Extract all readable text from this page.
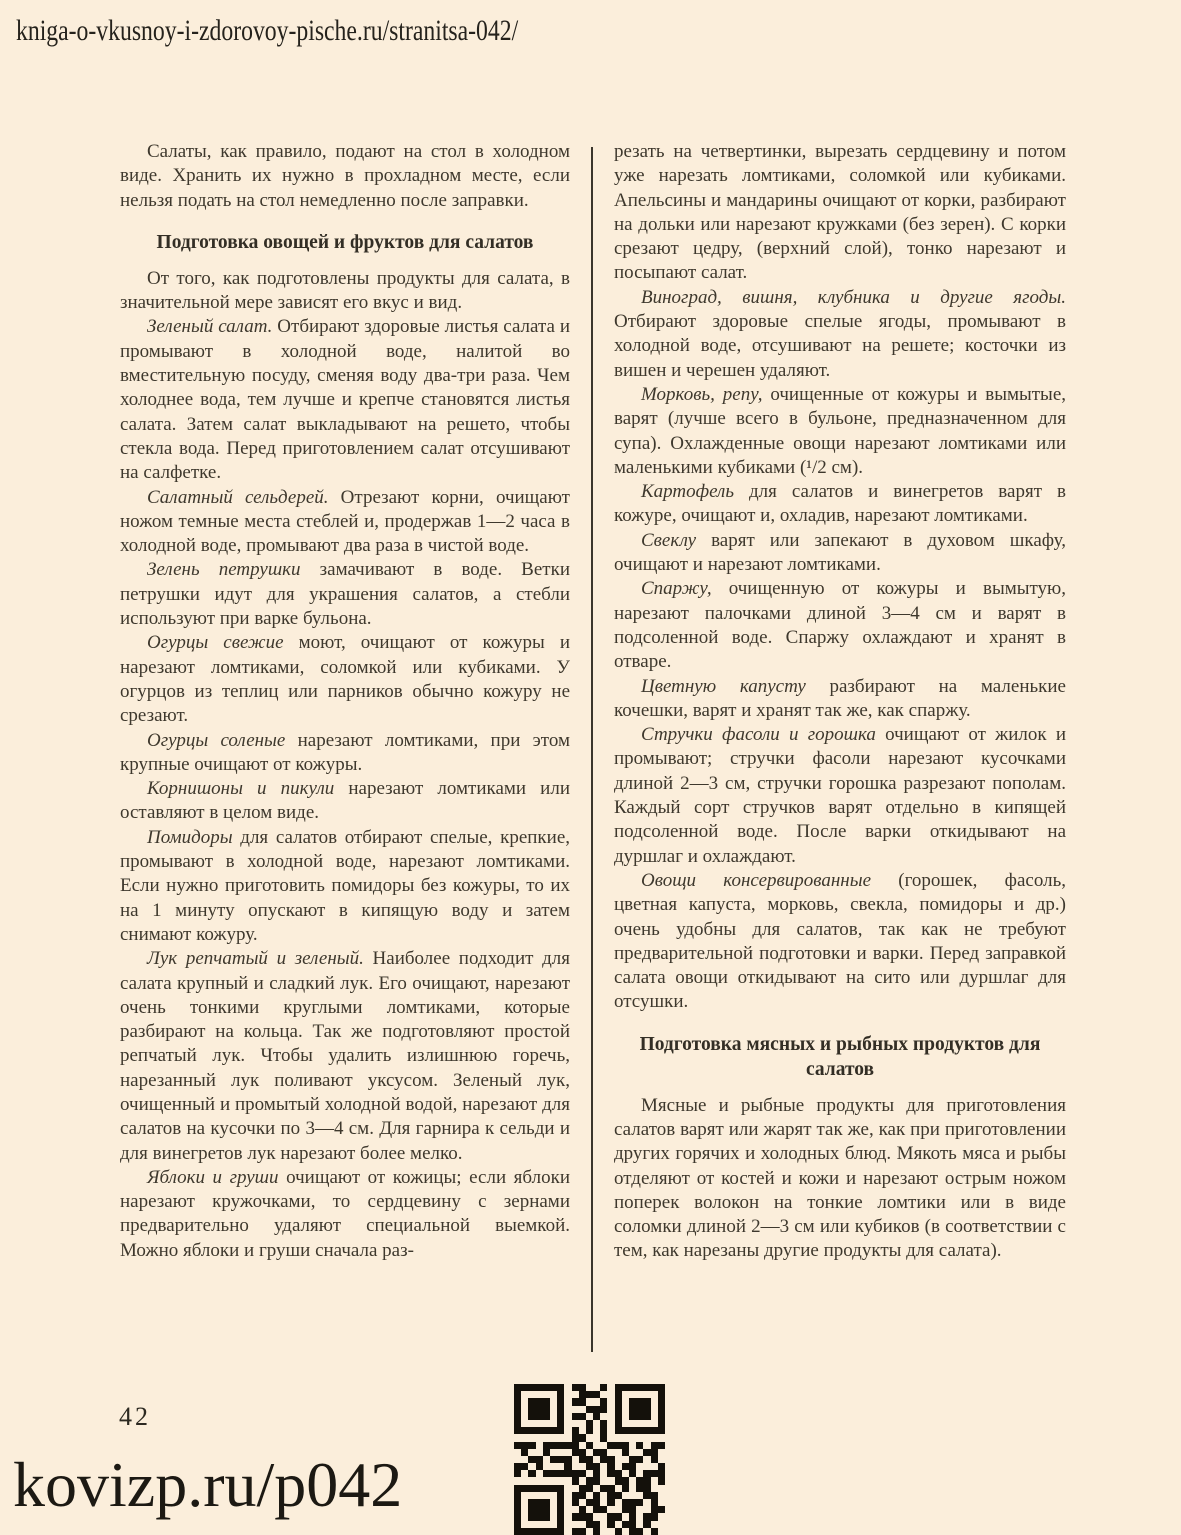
kniga-o-vkusnoy-i-zdorovoy-pische.ru/stranitsa-042/

Салаты, как правило, подают на стол в холодном виде. Хранить их нужно в прохладном месте, если нельзя подать на стол немедленно после заправки.

Подготовка овощей и фруктов для салатов

От того, как подготовлены продукты для салата, в значительной мере зависят его вкус и вид.

Зеленый салат. Отбирают здоровые листья салата и промывают в холодной воде, налитой во вместительную посуду, сменяя воду два-три раза. Чем холоднее вода, тем лучше и крепче становятся листья салата. Затем салат выкладывают на решето, чтобы стекла вода. Перед приготовлением салат отсушивают на салфетке.

Салатный сельдерей. Отрезают корни, очищают ножом темные места стеблей и, продержав 1—2 часа в холодной воде, промывают два раза в чистой воде.

Зелень петрушки замачивают в воде. Ветки петрушки идут для украшения салатов, а стебли используют при варке бульона.

Огурцы свежие моют, очищают от кожуры и нарезают ломтиками, соломкой или кубиками. У огурцов из теплиц или парников обычно кожуру не срезают.

Огурцы соленые нарезают ломтиками, при этом крупные очищают от кожуры.

Корнишоны и пикули нарезают ломтиками или оставляют в целом виде.

Помидоры для салатов отбирают спелые, крепкие, промывают в холодной воде, нарезают ломтиками. Если нужно приготовить помидоры без кожуры, то их на 1 минуту опускают в кипящую воду и затем снимают кожуру.

Лук репчатый и зеленый. Наиболее подходит для салата крупный и сладкий лук. Его очищают, нарезают очень тонкими круглыми ломтиками, которые разбирают на кольца. Так же подготовляют простой репчатый лук. Чтобы удалить излишнюю горечь, нарезанный лук поливают уксусом. Зеленый лук, очищенный и промытый холодной водой, нарезают для салатов на кусочки по 3—4 см. Для гарнира к сельди и для винегретов лук нарезают более мелко.

Яблоки и груши очищают от кожицы; если яблоки нарезают кружочками, то сердцевину с зернами предварительно удаляют специальной выемкой. Можно яблоки и груши сначала раз-

резать на четвертинки, вырезать сердцевину и потом уже нарезать ломтиками, соломкой или кубиками. Апельсины и мандарины очищают от корки, разбирают на дольки или нарезают кружками (без зерен). С корки срезают цедру, (верхний слой), тонко нарезают и посыпают салат.

Виноград, вишня, клубника и другие ягоды. Отбирают здоровые спелые ягоды, промывают в холодной воде, отсушивают на решете; косточки из вишен и черешен удаляют.

Морковь, репу, очищенные от кожуры и вымытые, варят (лучше всего в бульоне, предназначенном для супа). Охлажденные овощи нарезают ломтиками или маленькими кубиками (¹/2 см).

Картофель для салатов и винегретов варят в кожуре, очищают и, охладив, нарезают ломтиками.

Свеклу варят или запекают в духовом шкафу, очищают и нарезают ломтиками.

Спаржу, очищенную от кожуры и вымытую, нарезают палочками длиной 3—4 см и варят в подсоленной воде. Спаржу охлаждают и хранят в отваре.

Цветную капусту разбирают на маленькие кочешки, варят и хранят так же, как спаржу.

Стручки фасоли и горошка очищают от жилок и промывают; стручки фасоли нарезают кусочками длиной 2—3 см, стручки горошка разрезают пополам. Каждый сорт стручков варят отдельно в кипящей подсоленной воде. После варки откидывают на дуршлаг и охлаждают.

Овощи консервированные (горошек, фасоль, цветная капуста, морковь, свекла, помидоры и др.) очень удобны для салатов, так как не требуют предварительной подготовки и варки. Перед заправкой салата овощи откидывают на сито или дуршлаг для отсушки.

Подготовка мясных и рыбных продуктов для салатов

Мясные и рыбные продукты для приготовления салатов варят или жарят так же, как при приготовлении других горячих и холодных блюд. Мякоть мяса и рыбы отделяют от костей и кожи и нарезают острым ножом поперек волокон на тонкие ломтики или в виде соломки длиной 2—3 см или кубиков (в соответствии с тем, как нарезаны другие продукты для салата).

42
kovizp.ru/p042
